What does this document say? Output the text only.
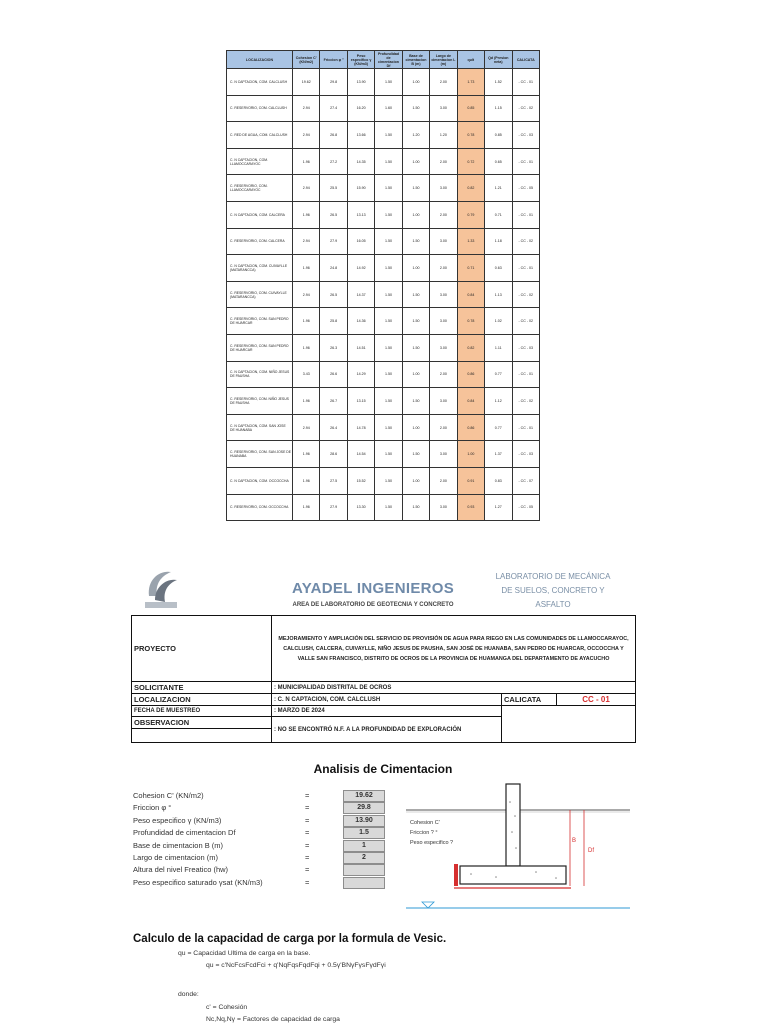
LOCALIZACION	Cohesion C' (KN/m2)	Friccion φ °	Peso especifico γ (KN/m3)	Profundidad de cimentacion Df	Base de cimentacion B (m)	Largo de cimentacion L (m)	qult	Qd (Presion neta)	CALICATA
C. N CAPTACION, COM. CALCLUSH	19.62	29.8	13.90	1.50	1.00	2.00	1.73	1.52	- CC - 01
C. RESERVORIO, COM. CALCLUSH	2.94	27.4	16.20	1.60	1.50	3.00	0.85	1.15	- CC - 02
C. RED DE AGUA, COM. CALCLUSH	2.94	26.8	13.66	1.50	1.20	1.20	0.78	0.85	- CC - 03
C. N CAPTACION, COM. LLAMOCCARAYOC	1.96	27.2	14.35	1.50	1.00	2.00	0.72	0.65	- CC - 01
C. RESERVORIO, COM. LLAMOCCARAYOC	2.94	25.5	15.90	1.50	1.50	3.00	0.82	1.21	- CC - 05
C. N CAPTACION, COM. CALCERA	1.96	26.5	13.13	1.50	1.00	2.00	0.79	0.71	- CC - 01
C. RESERVORIO, COM. CALCERA	2.94	27.9	16.05	1.50	1.50	3.00	1.33	1.18	- CC - 02
C. N CAPTACION, COM. CUIVAYLLE (MATARANCCA)	1.96	24.8	14.92	1.50	1.00	2.00	0.71	0.63	- CC - 01
C. RESERVORIO, COM. CUIVAYLLE (MATARANCCA)	2.94	26.5	14.37	1.50	1.50	3.00	0.84	1.13	- CC - 02
C. RESERVORIO, COM. SAN PEDRO DE HUARCAR	1.96	25.8	14.36	1.50	1.50	3.00	0.78	1.02	- CC - 02
C. RESERVORIO, COM. SAN PEDRO DE HUARCAR	1.96	26.3	14.51	1.50	1.50	3.00	0.82	1.11	- CC - 03
C. N CAPTACION, COM. NIÑO JESUS DE PAUSHA	3.43	26.6	14.29	1.50	1.00	2.00	0.86	0.77	- CC - 01
C. RESERVORIO, COM. NIÑO JESUS DE PAUSHA	1.96	26.7	13.15	1.50	1.50	3.00	0.84	1.12	- CC - 02
C. N CAPTACION, COM. SAN JOSE DE HUANABA	2.94	26.4	14.78	1.50	1.00	2.00	0.86	0.77	- CC - 01
C. RESERVORIO, COM. SAN JOSE DE HUANABA	1.96	28.6	14.54	1.50	1.50	3.00	1.00	1.37	- CC - 03
C. N CAPTACION, COM. OCCOCCHA	1.96	27.5	15.52	1.50	1.00	2.00	0.91	0.83	- CC - 07
C. RESERVORIO, COM. OCCOCCHA	1.96	27.9	13.30	1.50	1.50	3.00	0.93	1.27	- CC - 05
AYADEL INGENIEROS
AREA DE LABORATORIO DE GEOTECNIA Y CONCRETO
LABORATORIO DE MECÁNICA DE SUELOS, CONCRETO Y ASFALTO
PROYECTO	MEJORAMIENTO Y AMPLIACIÓN DEL SERVICIO DE PROVISIÓN DE AGUA PARA RIEGO EN LAS COMUNIDADES DE LLAMOCCARAYOC, CALCLUSH, CALCERA, CUIVAYLLE, NIÑO JESUS DE PAUSHA, SAN JOSÉ DE HUANABA, SAN PEDRO DE HUARCAR, OCCOCCHA Y VALLE SAN FRANCISCO, DISTRITO DE OCROS DE LA PROVINCIA DE HUAMANGA DEL DEPARTAMENTO DE AYACUCHO		
SOLICITANTE	: MUNICIPALIDAD DISTRITAL DE OCROS		
LOCALIZACION	: C. N CAPTACION, COM. CALCLUSH	CALICATA	CC - 01
FECHA DE MUESTREO	: MARZO DE 2024		
OBSERVACION	: NO SE ENCONTRÓ N.F. A LA PROFUNDIDAD DE EXPLORACIÓN		

Analisis de Cimentacion
Cohesion C' (KN/m2)	=	19.62
Friccion φ °	=	29.8
Peso especifico γ (KN/m3)	=	13.90
Profundidad de cimentacion Df	=	1.5
Base de cimentacion B (m)	=	1
Largo de cimentacion (m)	=	2
Altura del nivel Freatico (hw)	=
Peso especifico saturado γsat (KN/m3)	=
Df
B
Cohesion C'
Friccion ? °
Peso especifico ?
Calculo de la capacidad de carga por la formula de Vesic.
qu = Capacidad Ultima de carga en la base.
qu = c'NcFcsFcdFci + q'NqFqsFqdFqi + 0.5γ'BNγFγsFγdFγi
donde:
c' = Cohesión
Nc,Nq,Nγ = Factores de capacidad de carga
